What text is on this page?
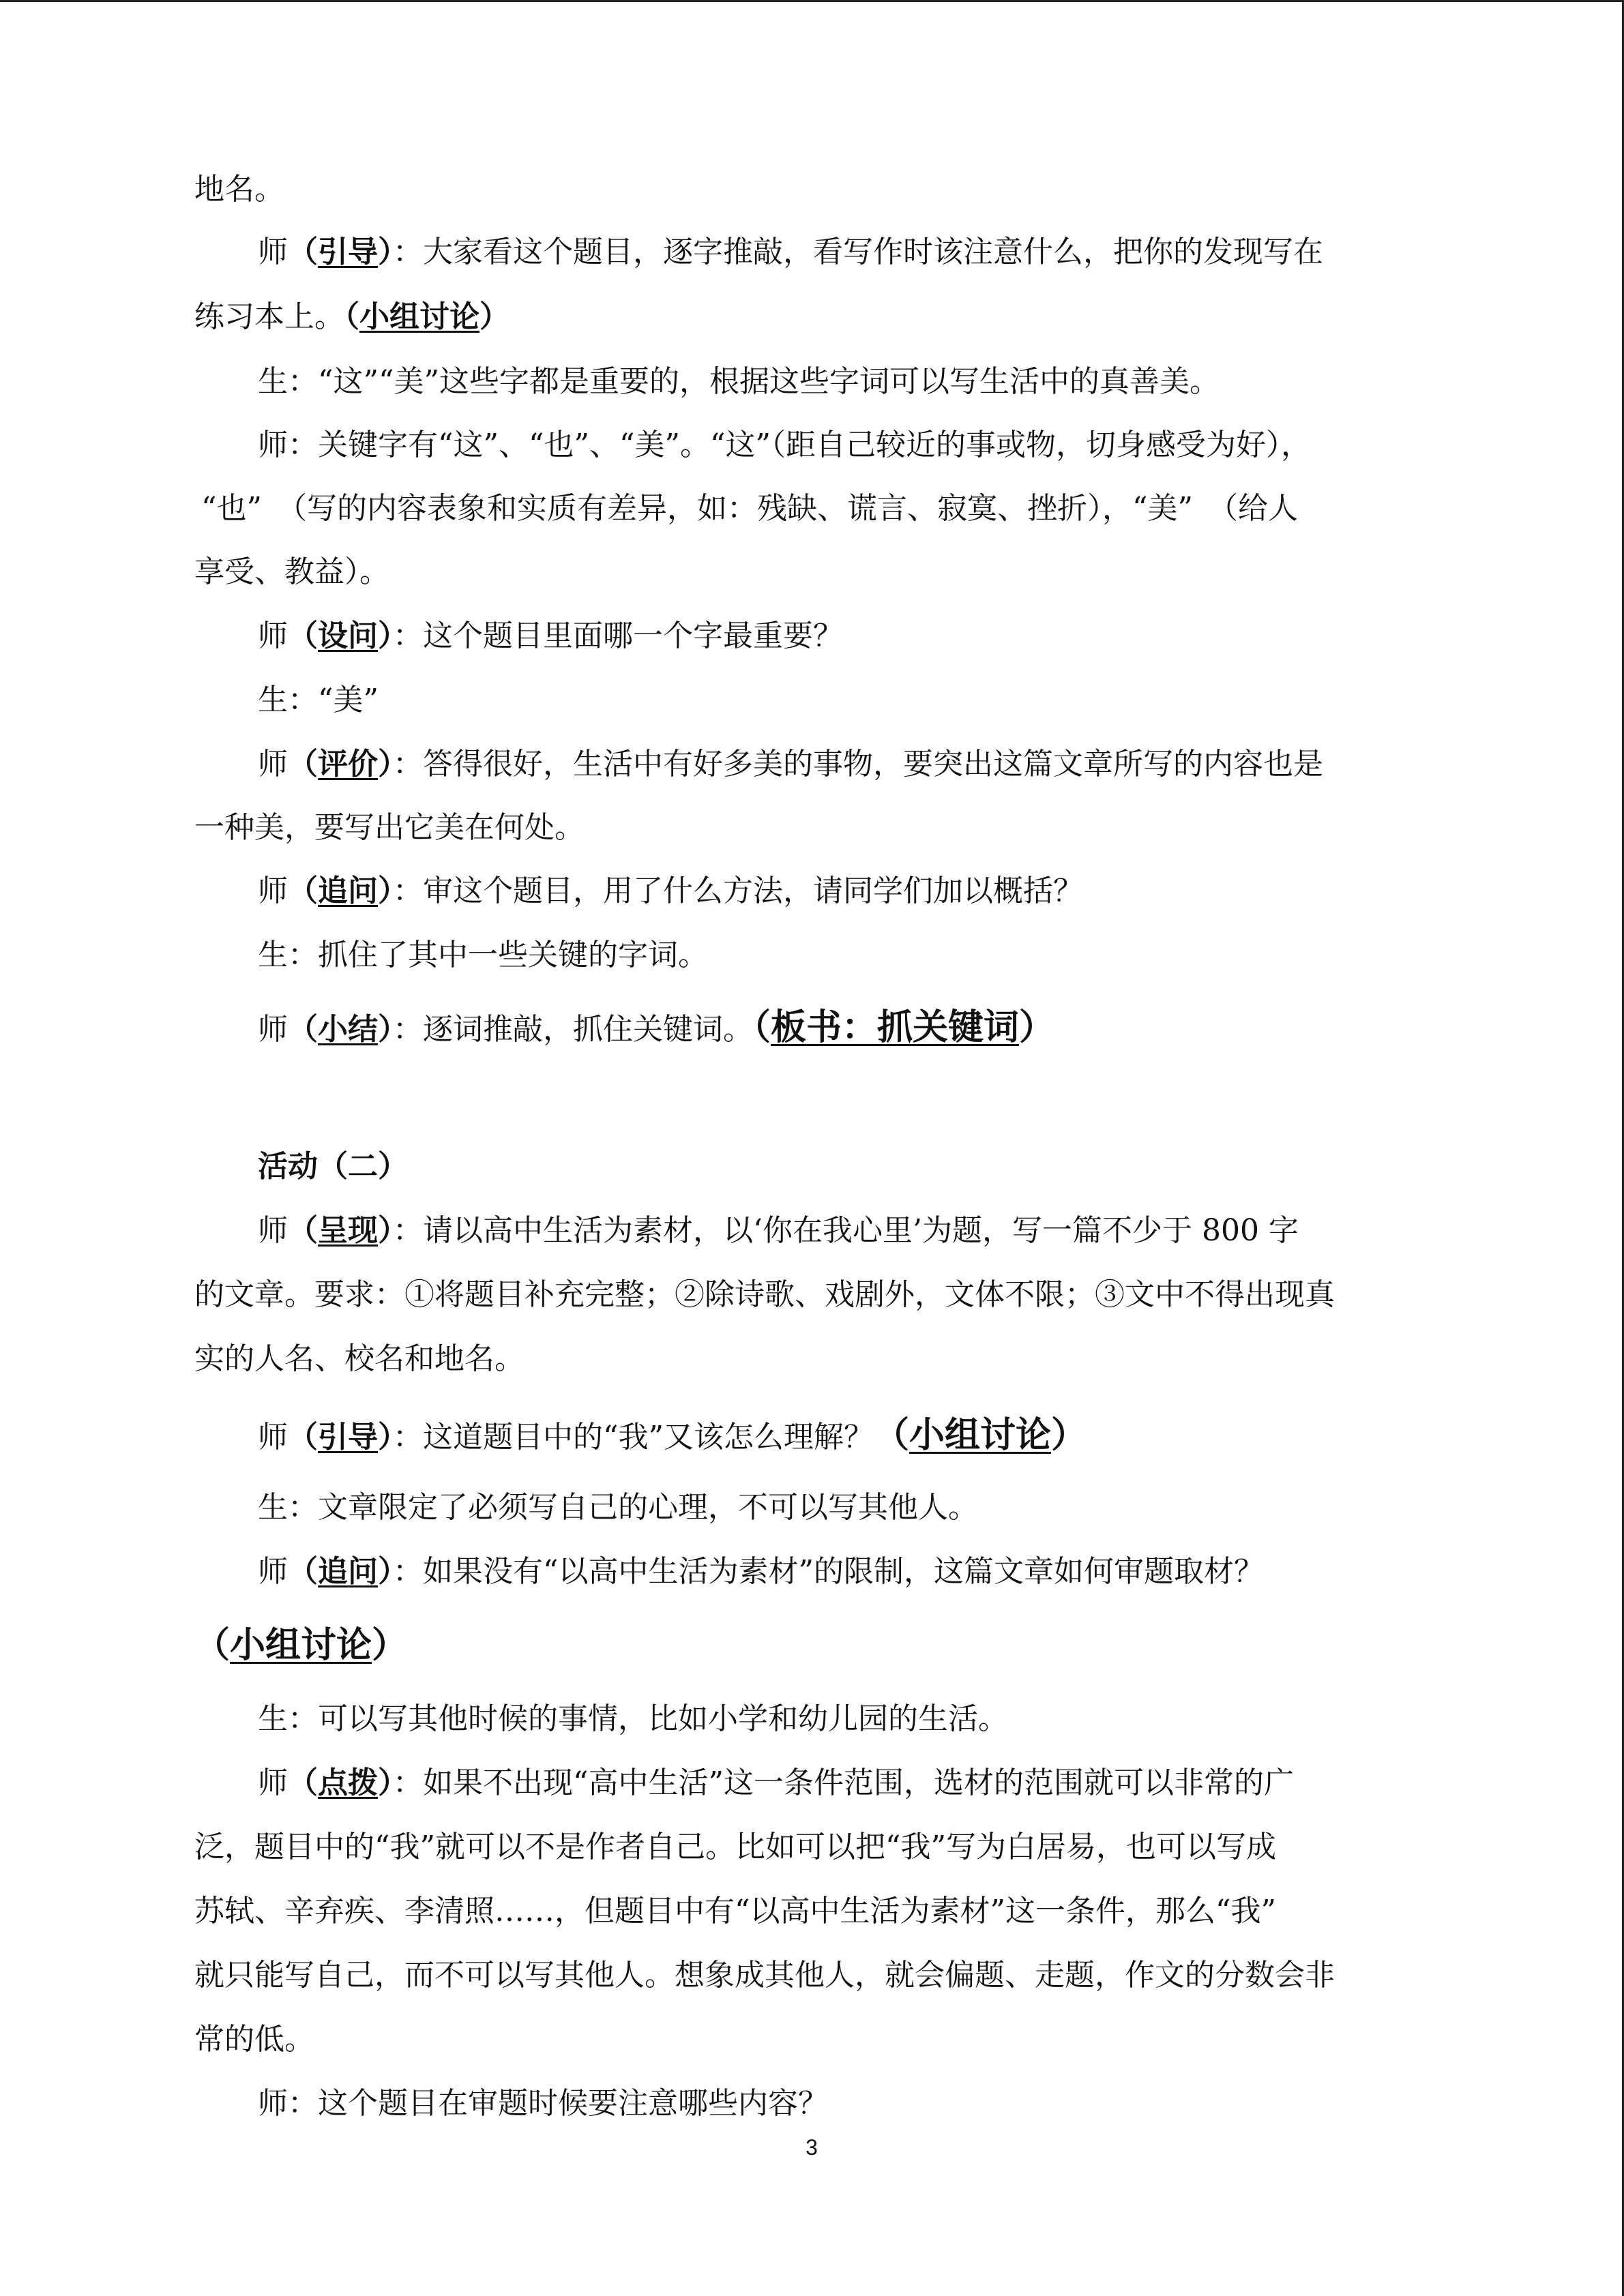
地名。
师（引导）：大家看这个题目，逐字推敲，看写作时该注意什么，把你的发现写在
练习本上。（小组讨论）
生：“这”“美”这些字都是重要的，根据这些字词可以写生活中的真善美。
师：关键字有“这”、“也”、“美”。“这”（距自己较近的事或物，切身感受为好），
“也”　（写的内容表象和实质有差异，如：残缺、谎言、寂寞、挫折），“美”　（给人
享受、教益）。
师（设问）：这个题目里面哪一个字最重要？
生：“美”
师（评价）：答得很好，生活中有好多美的事物，要突出这篇文章所写的内容也是
一种美，要写出它美在何处。
师（追问）：审这个题目，用了什么方法，请同学们加以概括？
生：抓住了其中一些关键的字词。
师（小结）：逐词推敲，抓住关键词。（板书：抓关键词）
活动（二）
师（呈现）：请以高中生活为素材，以‘你在我心里’为题，写一篇不少于 800 字
的文章。要求：①将题目补充完整；②除诗歌、戏剧外，文体不限；③文中不得出现真
实的人名、校名和地名。
师（引导）：这道题目中的“我”又该怎么理解？（小组讨论）
生：文章限定了必须写自己的心理，不可以写其他人。
师（追问）：如果没有“以高中生活为素材”的限制，这篇文章如何审题取材？
（小组讨论）
生：可以写其他时候的事情，比如小学和幼儿园的生活。
师（点拨）：如果不出现“高中生活”这一条件范围，选材的范围就可以非常的广
泛，题目中的“我”就可以不是作者自己。比如可以把“我”写为白居易，也可以写成
苏轼、辛弃疾、李清照……，但题目中有“以高中生活为素材”这一条件，那么“我”
就只能写自己，而不可以写其他人。想象成其他人，就会偏题、走题，作文的分数会非
常的低。
师：这个题目在审题时候要注意哪些内容？
3
